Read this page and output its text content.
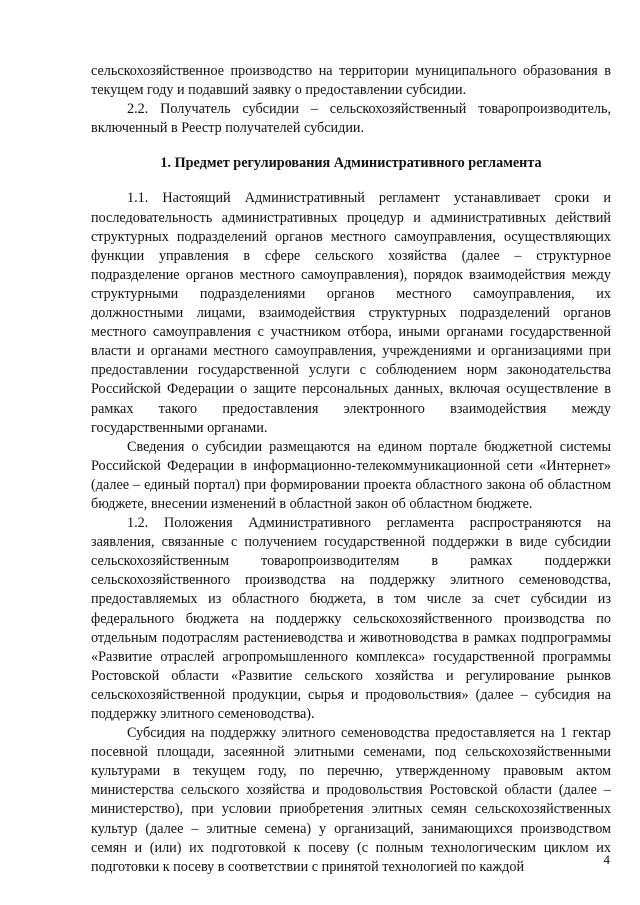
сельскохозяйственное производство на территории муниципального образования в текущем году и подавший заявку о предоставлении субсидии.

2.2. Получатель субсидии – сельскохозяйственный товаропроизводитель, включенный в Реестр получателей субсидии.

1. Предмет регулирования Административного регламента

1.1. Настоящий Административный регламент устанавливает сроки и последовательность административных процедур и административных действий структурных подразделений органов местного самоуправления, осуществляющих функции управления в сфере сельского хозяйства (далее – структурное подразделение органов местного самоуправления), порядок взаимодействия между структурными подразделениями органов местного самоуправления, их должностными лицами, взаимодействия структурных подразделений органов местного самоуправления с участником отбора, иными органами государственной власти и органами местного самоуправления, учреждениями и организациями при предоставлении государственной услуги с соблюдением норм законодательства Российской Федерации о защите персональных данных, включая осуществление в рамках такого предоставления электронного взаимодействия между государственными органами.

Сведения о субсидии размещаются на едином портале бюджетной системы Российской Федерации в информационно-телекоммуникационной сети «Интернет» (далее – единый портал) при формировании проекта областного закона об областном бюджете, внесении изменений в областной закон об областном бюджете.

1.2. Положения Административного регламента распространяются на заявления, связанные с получением государственной поддержки в виде субсидии сельскохозяйственным товаропроизводителям в рамках поддержки сельскохозяйственного производства на поддержку элитного семеноводства, предоставляемых из областного бюджета, в том числе за счет субсидии из федерального бюджета на поддержку сельскохозяйственного производства по отдельным подотраслям растениеводства и животноводства в рамках подпрограммы «Развитие отраслей агропромышленного комплекса» государственной программы Ростовской области «Развитие сельского хозяйства и регулирование рынков сельскохозяйственной продукции, сырья и продовольствия» (далее – субсидия на поддержку элитного семеноводства).

Субсидия на поддержку элитного семеноводства предоставляется на 1 гектар посевной площади, засеянной элитными семенами, под сельскохозяйственными культурами в текущем году, по перечню, утвержденному правовым актом министерства сельского хозяйства и продовольствия Ростовской области (далее – министерство), при условии приобретения элитных семян сельскохозяйственных культур (далее – элитные семена) у организаций, занимающихся производством семян и (или) их подготовкой к посеву (с полным технологическим циклом их подготовки к посеву в соответствии с принятой технологией по каждой	4
